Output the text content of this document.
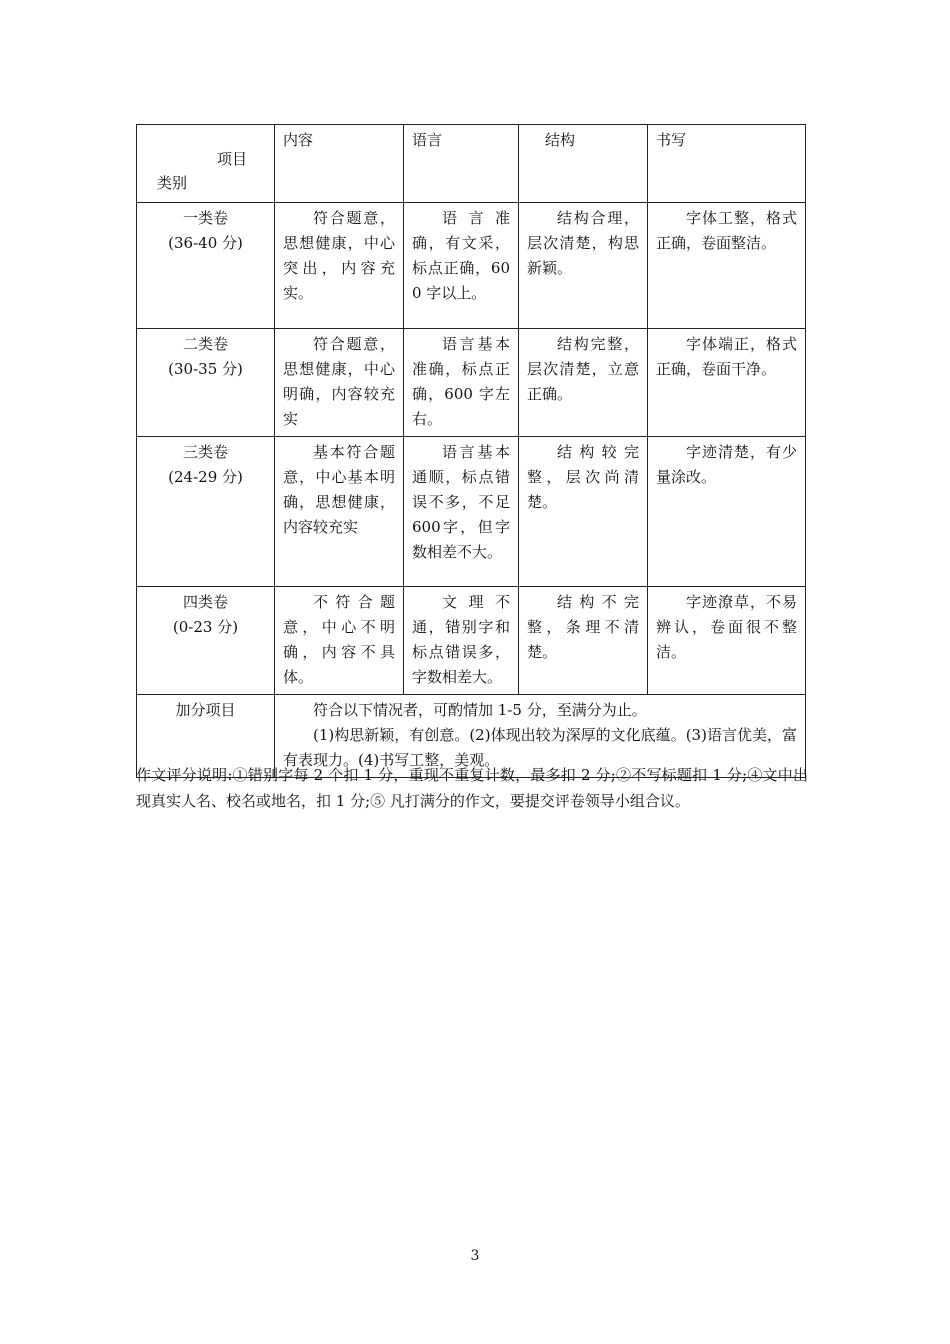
项目
类别	内容	语言	结构	书写

一类卷
(36-40 分)	符合题意，思想健康，中心突出，内容充实。	语言准确，有文采，标点正确，600 字以上。	结构合理，层次清楚，构思新颖。	字体工整，格式正确，卷面整洁。

二类卷
(30-35 分)	符合题意，思想健康，中心明确，内容较充实	语言基本准确，标点正确，600 字左右。	结构完整，层次清楚，立意正确。	字体端正，格式正确，卷面干净。

三类卷
(24-29 分)	基本符合题意，中心基本明确，思想健康，内容较充实	语言基本通顺，标点错误不多，不足600字，但字数相差不大。	结构较完整，层次尚清楚。	字迹清楚，有少量涂改。

四类卷
(0-23 分)	不符合题意，中心不明确，内容不具体。	文理不通，错别字和标点错误多，字数相差大。	结构不完整，条理不清楚。	字迹潦草，不易辨认，卷面很不整洁。
加分项目	符合以下情况者，可酌情加 1-5 分，至满分为止。
(1)构思新颖，有创意。(2)体现出较为深厚的文化底蕴。(3)语言优美，富有表现力。(4)书写工整，美观。			
作文评分说明:①错别字每 2 个扣 1 分，重现不重复计数，最多扣 2 分;②不写标题扣 1 分;④文中出现真实人名、校名或地名，扣 1 分;⑤ 凡打满分的作文，要提交评卷领导小组合议。
3
